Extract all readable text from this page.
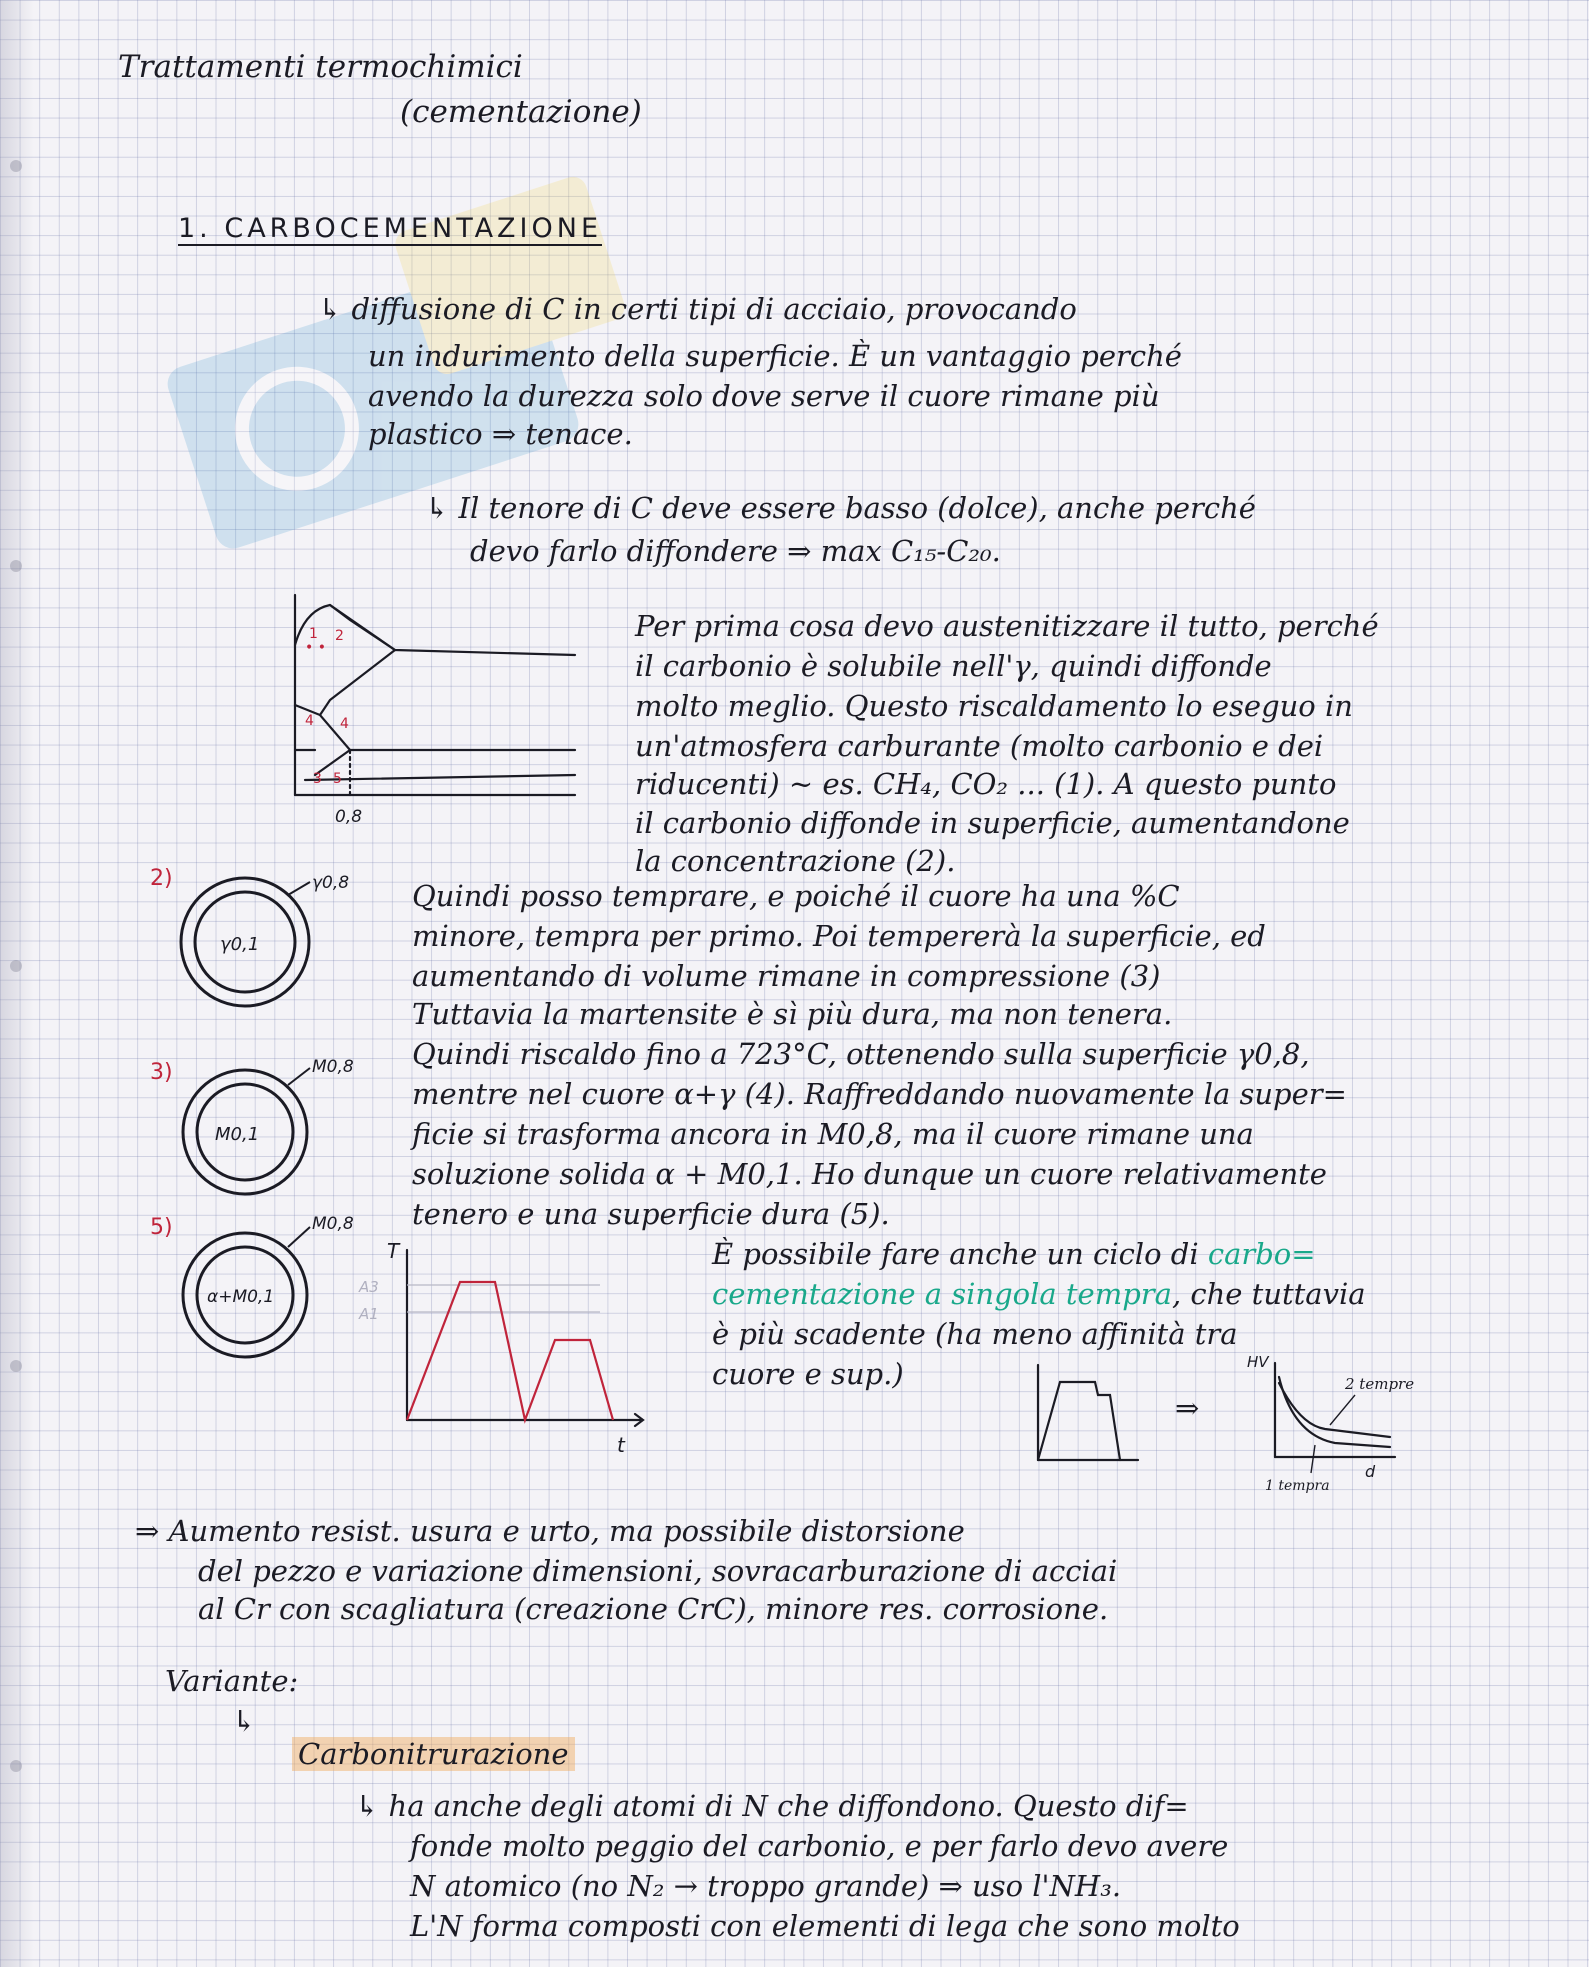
Trattamenti termochimici
(cementazione)
1. CARBOCEMENTAZIONE
↳ diffusione di C in certi tipi di acciaio, provocando
un indurimento della superficie. È un vantaggio perché
avendo la durezza solo dove serve il cuore rimane più
plastico ⇒ tenace.
↳ Il tenore di C deve essere basso (dolce), anche perché
devo farlo diffondere ⇒ max C₁₅-C₂₀.
1
• •
2
4 4
3 5
0,8
Per prima cosa devo austenitizzare il tutto, perché
il carbonio è solubile nell'γ, quindi diffonde
molto meglio. Questo riscaldamento lo eseguo in
un'atmosfera carburante (molto carbonio e dei
riducenti) ~ es. CH₄, CO₂ ... (1). A questo punto
il carbonio diffonde in superficie, aumentandone
la concentrazione (2).
2)	γ0,8
γ0,1
Quindi posso temprare, e poiché il cuore ha una %C
minore, tempra per primo. Poi tempererà la superficie, ed
aumentando di volume rimane in compressione (3)
Tuttavia la martensite è sì più dura, ma non tenera.
Quindi riscaldo fino a 723°C, ottenendo sulla superficie γ0,8,
mentre nel cuore α+γ (4). Raffreddando nuovamente la super=
ficie si trasforma ancora in M0,8, ma il cuore rimane una
soluzione solida α + M0,1. Ho dunque un cuore relativamente
tenero e una superficie dura (5).
3)	M0,8
M0,1
5)	M0,8
α+M0,1
T
t
A3
A1
È possibile fare anche un ciclo di carbo=
cementazione a singola tempra, che tuttavia
è più scadente (ha meno affinità tra
cuore e sup.)
⇒
HV
d
2 tempre
1 tempra
⇒ Aumento resist. usura e urto, ma possibile distorsione
del pezzo e variazione dimensioni, sovracarburazione di acciai
al Cr con scagliatura (creazione CrC), minore res. corrosione.
Variante:
↳
Carbonitrurazione
↳ ha anche degli atomi di N che diffondono. Questo dif=
fonde molto peggio del carbonio, e per farlo devo avere
N atomico (no N₂ → troppo grande) ⇒ uso l'NH₃.
L'N forma composti con elementi di lega che sono molto
